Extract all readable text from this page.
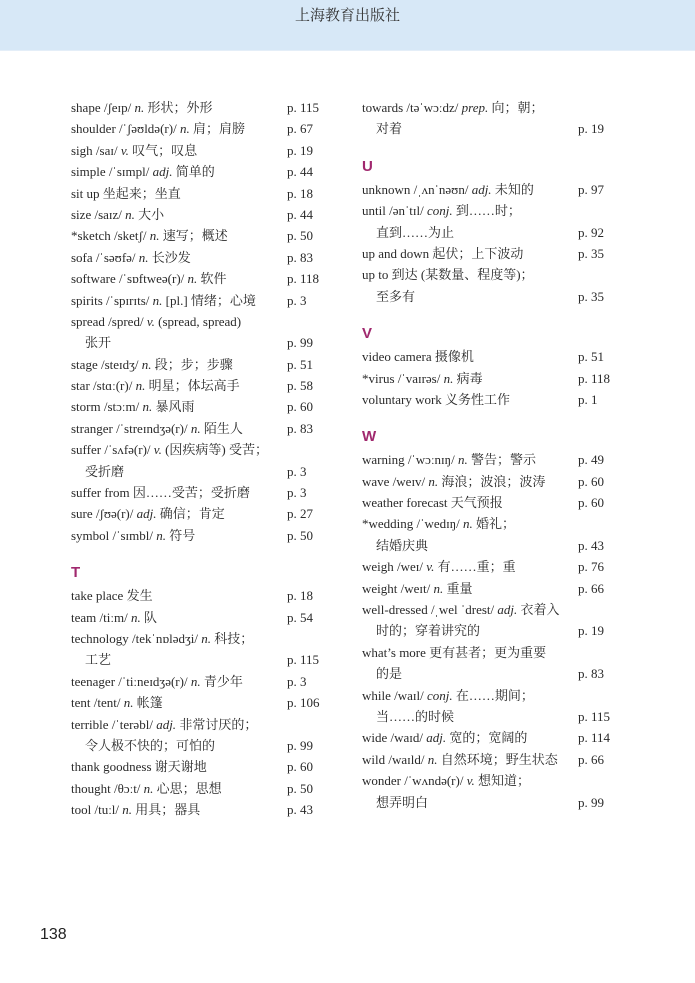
上海教育出版社
shape /ʃeɪp/ n. 形状；外形	p. 115
shoulder /ˈʃəʊldə(r)/ n. 肩；肩膀	p. 67
sigh /saɪ/ v. 叹气；叹息	p. 19
simple /ˈsɪmpl/ adj. 简单的	p. 44
sit up 坐起来；坐直	p. 18
size /saɪz/ n. 大小	p. 44
*sketch /sketʃ/ n. 速写；概述	p. 50
sofa /ˈsəʊfə/ n. 长沙发	p. 83
software /ˈsɒftweə(r)/ n. 软件	p. 118
spirits /ˈspɪrɪts/ n. [pl.] 情绪；心境 p. 3
spread /spred/ v. (spread, spread)
张开	p. 99
stage /steɪdʒ/ n. 段；步；步骤	p. 51
star /stɑː(r)/ n. 明星；体坛高手	p. 58
storm /stɔːm/ n. 暴风雨	p. 60
stranger /ˈstreɪndʒə(r)/ n. 陌生人	p. 83
suffer /ˈsʌfə(r)/ v. (因疾病等) 受苦；
受折磨	p. 3
suffer from 因……受苦；受折磨	p. 3
sure /ʃʊə(r)/ adj. 确信；肯定	p. 27
symbol /ˈsɪmbl/ n. 符号	p. 50
T
take place 发生	p. 18
team /tiːm/ n. 队	p. 54
technology /tekˈnɒlədʒi/ n. 科技；
工艺	p. 115
teenager /ˈtiːneɪdʒə(r)/ n. 青少年	p. 3
tent /tent/ n. 帐篷	p. 106
terrible /ˈterəbl/ adj. 非常讨厌的；
令人极不快的；可怕的	p. 99
thank goodness 谢天谢地	p. 60
thought /θɔːt/ n. 心思；思想	p. 50
tool /tuːl/ n. 用具；器具	p. 43
towards /təˈwɔːdz/ prep. 向；朝；
对着	p. 19
U
unknown /ˌʌnˈnəʊn/ adj. 未知的	p. 97
until /ənˈtɪl/ conj. 到……时；
直到……为止	p. 92
up and down 起伏；上下波动	p. 35
up to 到达 (某数量、程度等)；
至多有	p. 35
V
video camera 摄像机	p. 51
*virus /ˈvaɪrəs/ n. 病毒	p. 118
voluntary work 义务性工作	p. 1
W
warning /ˈwɔːnɪŋ/ n. 警告；警示	p. 49
wave /weɪv/ n. 海浪；波浪；波涛	p. 60
weather forecast 天气预报	p. 60
*wedding /ˈwedɪŋ/ n. 婚礼；
结婚庆典	p. 43
weigh /weɪ/ v. 有……重；重	p. 76
weight /weɪt/ n. 重量	p. 66
well-dressed /ˌwel ˈdrest/ adj. 衣着入
时的；穿着讲究的	p. 19
what’s more 更有甚者；更为重要
的是	p. 83
while /waɪl/ conj. 在……期间；
当……的时候	p. 115
wide /waɪd/ adj. 宽的；宽阔的	p. 114
wild /waɪld/ n. 自然环境；野生状态 p. 66
wonder /ˈwʌndə(r)/ v. 想知道；
想弄明白	p. 99
138
